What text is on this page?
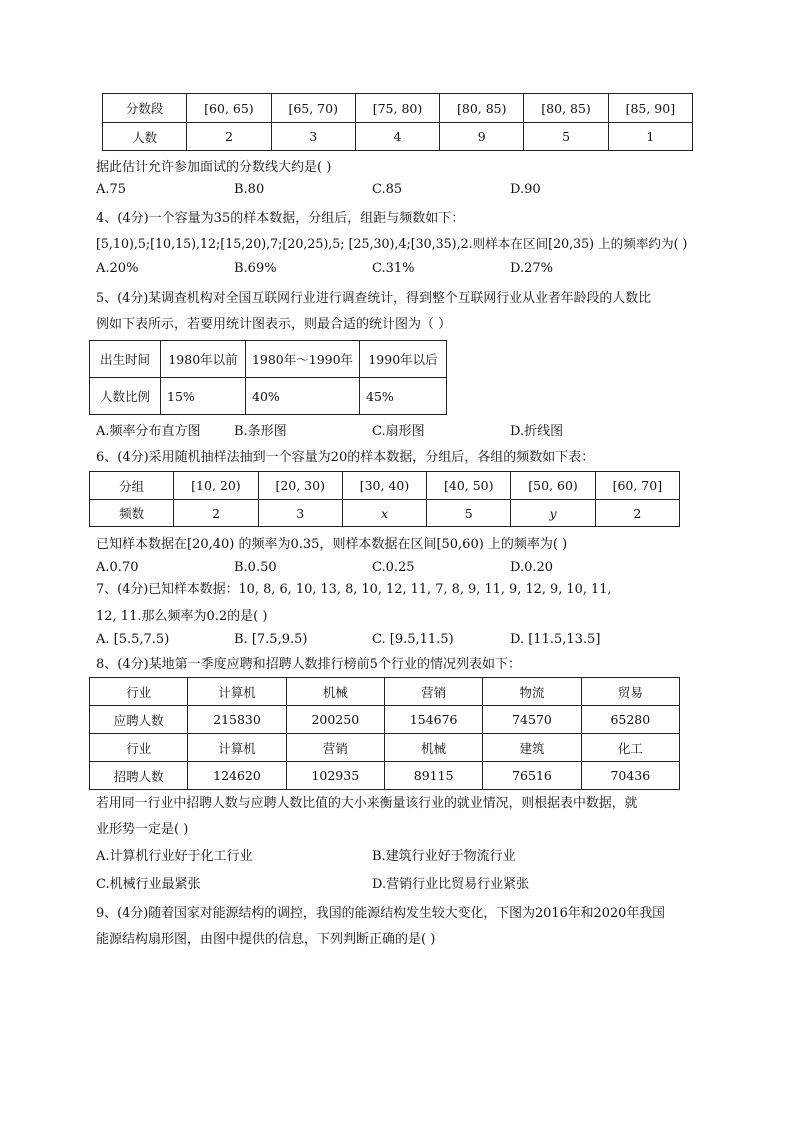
分数段	[60, 65)	[65, 70)	[75, 80)	[80, 85)	[80, 85)	[85, 90]
人数	2	3	4	9	5	1
据此估计允许参加面试的分数线大约是( )
A.75	B.80	C.85	D.90
4、(4分)一个容量为35的样本数据，分组后，组距与频数如下：
[5,10),5;[10,15),12;[15,20),7;[20,25),5; [25,30),4;[30,35),2.则样本在区间[20,35) 上的频率约为( )
A.20%	B.69%	C.31%	D.27%
5、(4分)某调查机构对全国互联网行业进行调查统计，得到整个互联网行业从业者年龄段的人数比
例如下表所示，若要用统计图表示，则最合适的统计图为（ ）
出生时间	1980年以前	1980年～1990年	1990年以后
人数比例	15%	40%	45%
A.频率分布直方图	B.条形图	C.扇形图	D.折线图
6、(4分)采用随机抽样法抽到一个容量为20的样本数据，分组后，各组的频数如下表：
分组	[10, 20)	[20, 30)	[30, 40)	[40, 50)	[50, 60)	[60, 70]
频数	2	3	x	5	y	2
已知样本数据在[20,40) 的频率为0.35，则样本数据在区间[50,60) 上的频率为( )
A.0.70	B.0.50	C.0.25	D.0.20
7、(4分)已知样本数据：10, 8, 6, 10, 13, 8, 10, 12, 11, 7, 8, 9, 11, 9, 12, 9, 10, 11,
12, 11.那么频率为0.2的是( )
A. [5.5,7.5)	B. [7.5,9.5)	C. [9.5,11.5)	D. [11.5,13.5]
8、(4分)某地第一季度应聘和招聘人数排行榜前5个行业的情况列表如下：
行业	计算机	机械	营销	物流	贸易
应聘人数	215830	200250	154676	74570	65280
行业	计算机	营销	机械	建筑	化工
招聘人数	124620	102935	89115	76516	70436
若用同一行业中招聘人数与应聘人数比值的大小来衡量该行业的就业情况，则根据表中数据，就
业形势一定是( )
A.计算机行业好于化工行业	B.建筑行业好于物流行业
C.机械行业最紧张	D.营销行业比贸易行业紧张
9、(4分)随着国家对能源结构的调控，我国的能源结构发生较大变化，下图为2016年和2020年我国
能源结构扇形图，由图中提供的信息，下列判断正确的是( )
